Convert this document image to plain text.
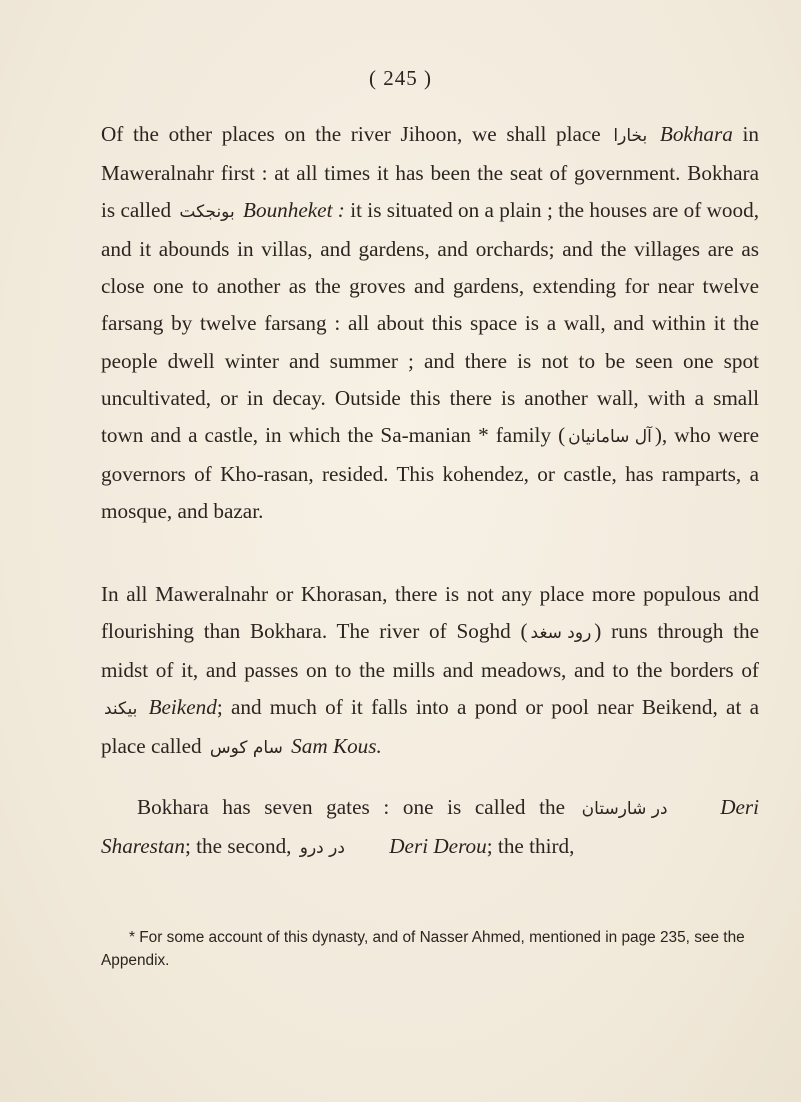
( 245 )

Of the other places on the river Jihoon, we shall place بخارا Bokhara in Maweralnahr first : at all times it has been the seat of government. Bokhara is called بونجکت Bounheket : it is situated on a plain ; the houses are of wood, and it abounds in villas, and gardens, and orchards; and the villages are as close one to another as the groves and gardens, extending for near twelve farsang by twelve farsang : all about this space is a wall, and within it the people dwell winter and summer ; and there is not to be seen one spot uncultivated, or in decay. Outside this there is another wall, with a small town and a castle, in which the Sa-manian * family ( آل سامانیان ), who were governors of Kho-rasan, resided. This kohendez, or castle, has ramparts, a mosque, and bazar.

In all Maweralnahr or Khorasan, there is not any place more populous and flourishing than Bokhara. The river of Soghd ( رود سغد ) runs through the midst of it, and passes on to the mills and meadows, and to the borders of بیکند Beikend; and much of it falls into a pond or pool near Beikend, at a place called سام کوس Sam Kous.

Bokhara has seven gates : one is called the در شارستان Deri Sharestan; the second, در درو Deri Derou; the third,

* For some account of this dynasty, and of Nasser Ahmed, mentioned in page 235, see the Appendix.
